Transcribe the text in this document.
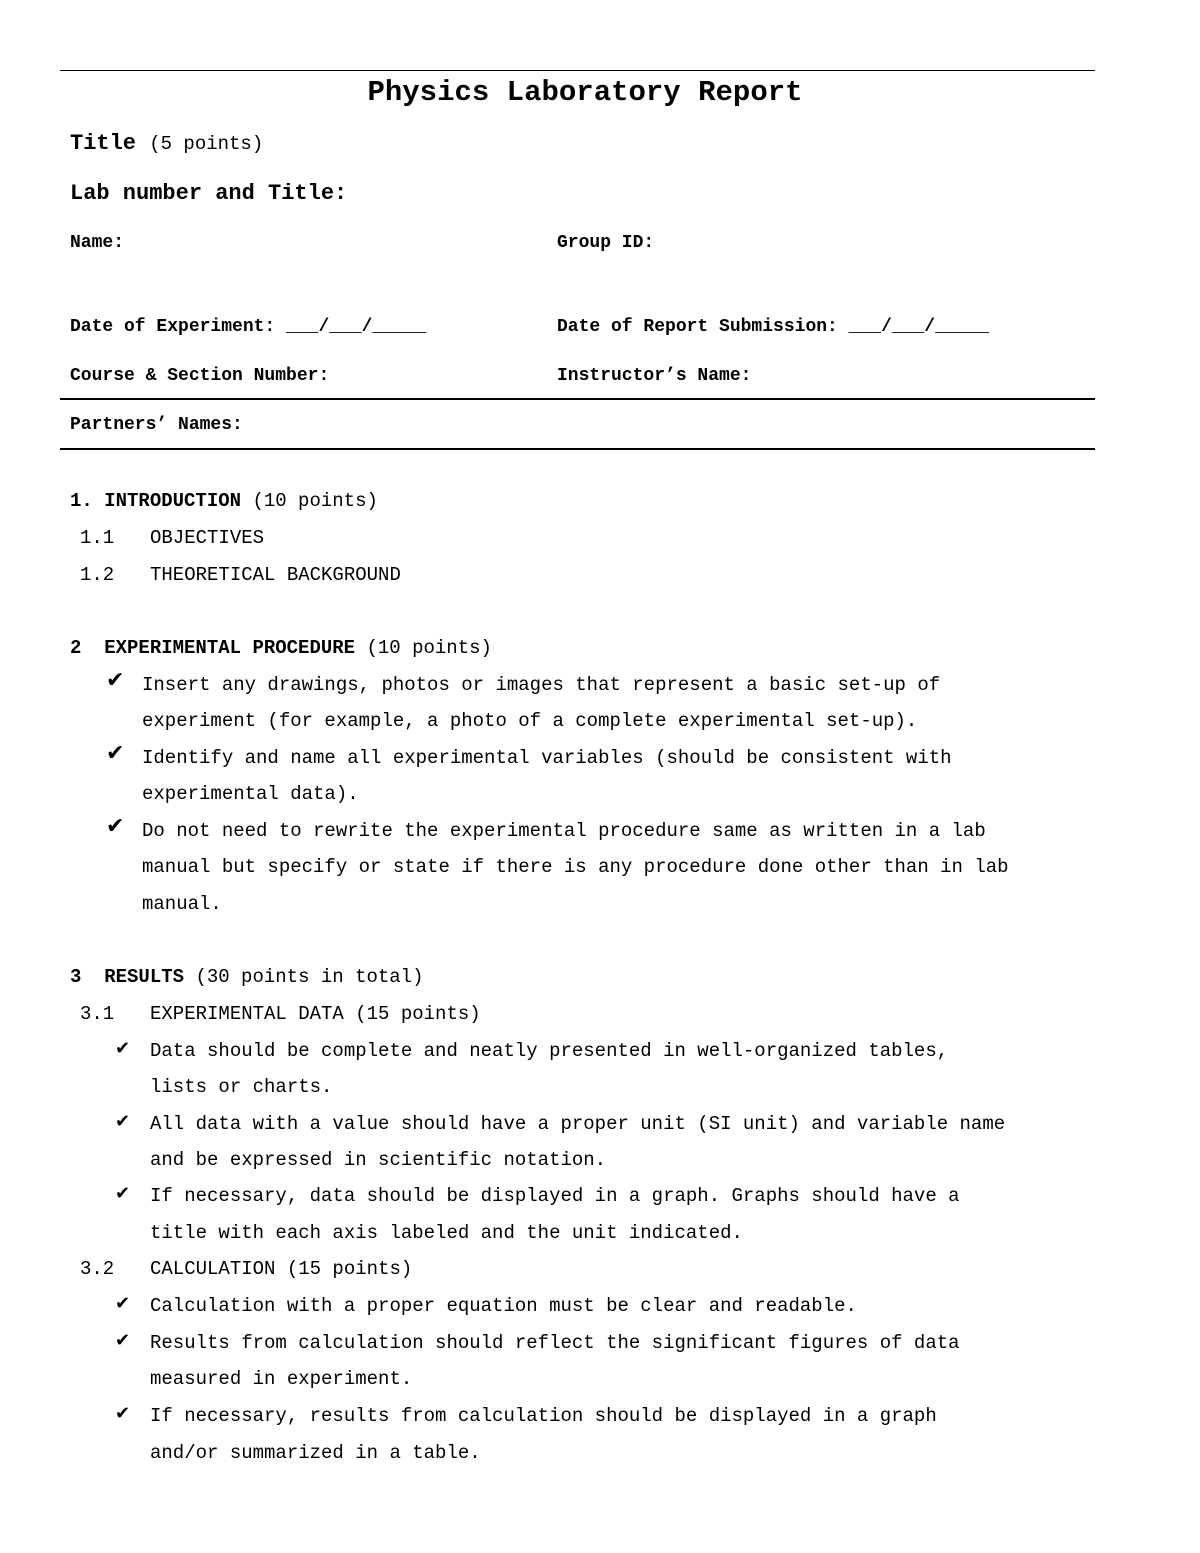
Physics Laboratory Report
Title (5 points)
Lab number and Title:
Name:	Group ID:
Date of Experiment: ___/___/_____	Date of Report Submission: ___/___/_____
Course & Section Number:	Instructor’s Name:
Partners’ Names:
1. INTRODUCTION (10 points)
1.1 OBJECTIVES
1.2 THEORETICAL BACKGROUND
2 EXPERIMENTAL PROCEDURE (10 points)
✔ Insert any drawings, photos or images that represent a basic set-up of
experiment (for example, a photo of a complete experimental set-up).
✔ Identify and name all experimental variables (should be consistent with
experimental data).
✔ Do not need to rewrite the experimental procedure same as written in a lab
manual but specify or state if there is any procedure done other than in lab
manual.
3 RESULTS (30 points in total)
3.1 EXPERIMENTAL DATA (15 points)
✔ Data should be complete and neatly presented in well-organized tables,
lists or charts.
✔ All data with a value should have a proper unit (SI unit) and variable name
and be expressed in scientific notation.
✔ If necessary, data should be displayed in a graph. Graphs should have a
title with each axis labeled and the unit indicated.
3.2 CALCULATION (15 points)
✔ Calculation with a proper equation must be clear and readable.
✔ Results from calculation should reflect the significant figures of data
measured in experiment.
✔ If necessary, results from calculation should be displayed in a graph
and/or summarized in a table.
